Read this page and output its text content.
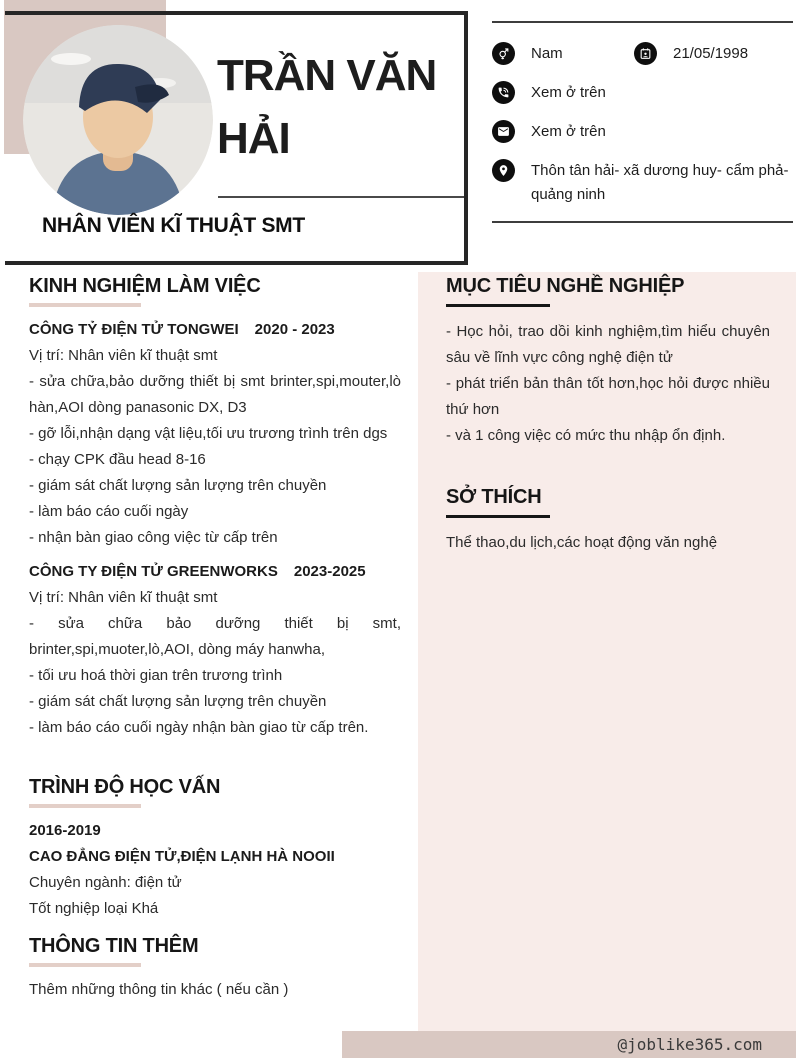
TRẦN VĂN
HẢI
NHÂN VIÊN KĨ THUẬT SMT
Nam	21/05/1998
Xem ở trên
Xem ở trên
Thôn tân hải- xã dương huy- cẩm phả-quảng ninh
KINH NGHIỆM LÀM VIỆC
CÔNG TỶ ĐIỆN TỬ TONGWEI 2020 - 2023
Vị trí: Nhân viên kĩ thuật smt
- sửa chữa,bảo dưỡng thiết bị smt brinter,spi,mouter,lò hàn,AOI dòng panasonic DX, D3
- gỡ lỗi,nhận dạng vật liệu,tối ưu trương trình trên dgs
- chạy CPK đầu head 8-16
- giám sát chất lượng sản lượng trên chuyền
- làm báo cáo cuối ngày
- nhận bàn giao công việc từ cấp trên
CÔNG TY ĐIỆN TỬ GREENWORKS 2023-2025
Vị trí: Nhân viên kĩ thuật smt
- sửa chữa bảo dưỡng thiết bị smt, brinter,spi,muoter,lò,AOI, dòng máy hanwha,
- tối ưu hoá thời gian trên trương trình
- giám sát chất lượng sản lượng trên chuyền
- làm báo cáo cuối ngày nhận bàn giao từ cấp trên.
TRÌNH ĐỘ HỌC VẤN
2016-2019
CAO ĐẲNG ĐIỆN TỬ,ĐIỆN LẠNH HÀ NOOII
Chuyên ngành: điện tử
Tốt nghiệp loại Khá
THÔNG TIN THÊM
Thêm những thông tin khác ( nếu cần )
MỤC TIÊU NGHỀ NGHIỆP
- Học hỏi, trao dồi kinh nghiệm,tìm hiểu chuyên sâu về lĩnh vực công nghệ điện tử
- phát triển bản thân tốt hơn,học hỏi được nhiều thứ hơn
- và 1 công việc có mức thu nhập ổn định.
SỞ THÍCH
Thể thao,du lịch,các hoạt động văn nghệ
@joblike365.com
